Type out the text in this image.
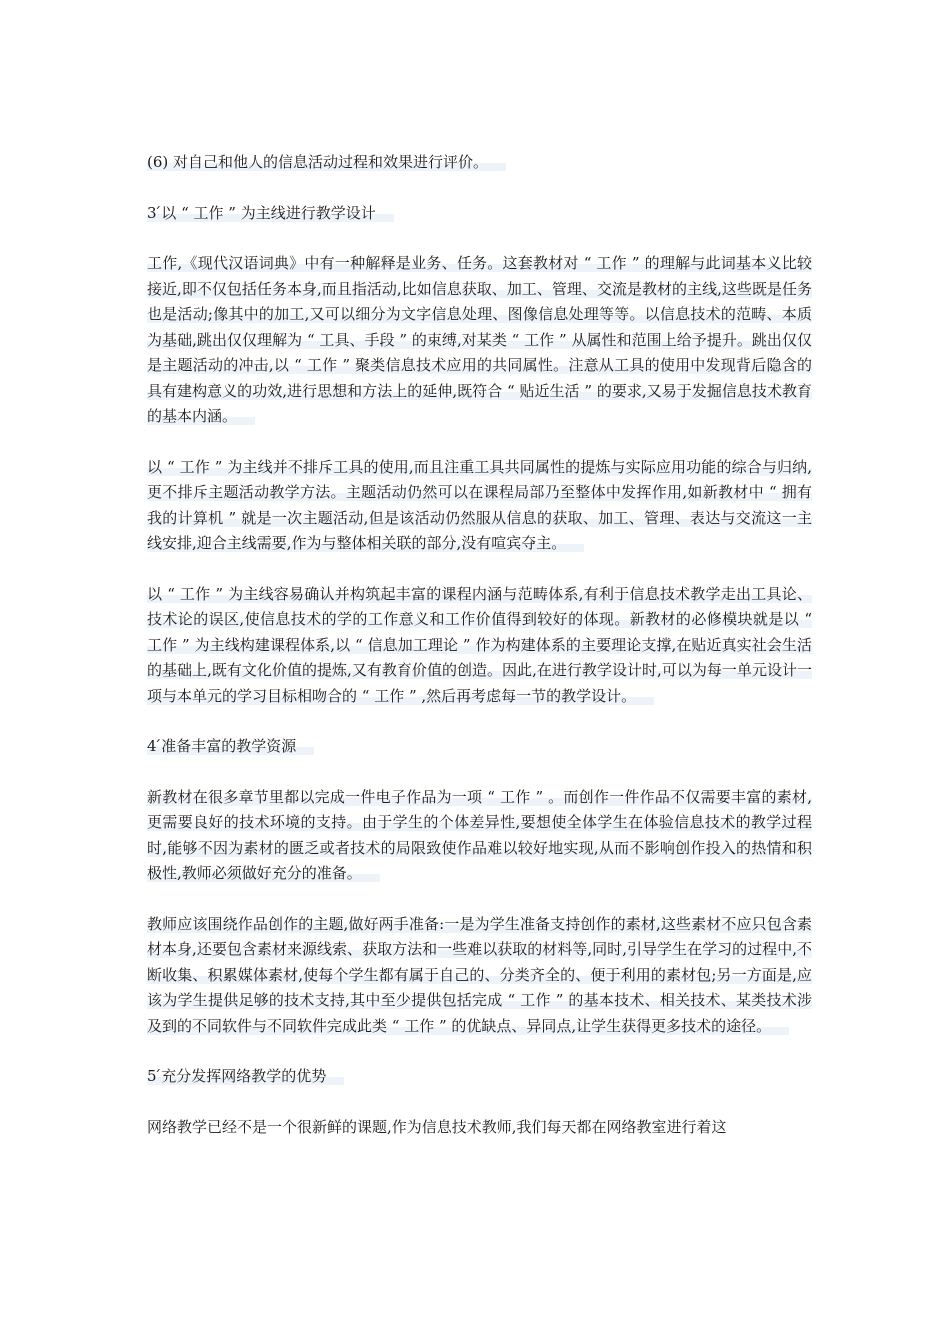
(6) 对自己和他人的信息活动过程和效果进行评价。

3 ́以 “ 工作 ” 为主线进行教学设计

工作,《现代汉语词典》中有一种解释是业务、任务。这套教材对 “ 工作 ” 的理解与此词基本义比较接近,即不仅包括任务本身,而且指活动,比如信息获取、加工、管理、交流是教材的主线,这些既是任务也是活动;像其中的加工,又可以细分为文字信息处理、图像信息处理等等。以信息技术的范畴、本质为基础,跳出仅仅理解为 “ 工具、手段 ” 的束缚,对某类 “ 工作 ” 从属性和范围上给予提升。跳出仅仅是主题活动的冲击,以 “ 工作 ” 聚类信息技术应用的共同属性。注意从工具的使用中发现背后隐含的具有建构意义的功效,进行思想和方法上的延伸,既符合 “ 贴近生活 ” 的要求,又易于发掘信息技术教育的基本内涵。

以 “ 工作 ” 为主线并不排斥工具的使用,而且注重工具共同属性的提炼与实际应用功能的综合与归纳,更不排斥主题活动教学方法。主题活动仍然可以在课程局部乃至整体中发挥作用,如新教材中 “ 拥有我的计算机 ” 就是一次主题活动,但是该活动仍然服从信息的获取、加工、管理、表达与交流这一主线安排,迎合主线需要,作为与整体相关联的部分,没有喧宾夺主。

以 “ 工作 ” 为主线容易确认并构筑起丰富的课程内涵与范畴体系,有利于信息技术教学走出工具论、技术论的误区,使信息技术的学的工作意义和工作价值得到较好的体现。新教材的必修模块就是以 “ 工作 ” 为主线构建课程体系,以 “ 信息加工理论 ” 作为构建体系的主要理论支撑,在贴近真实社会生活的基础上,既有文化价值的提炼,又有教育价值的创造。因此,在进行教学设计时,可以为每一单元设计一项与本单元的学习目标相吻合的 “ 工作 ” ,然后再考虑每一节的教学设计。

4 ́准备丰富的教学资源

新教材在很多章节里都以完成一件电子作品为一项 “ 工作 ” 。而创作一件作品不仅需要丰富的素材,更需要良好的技术环境的支持。由于学生的个体差异性,要想使全体学生在体验信息技术的教学过程时,能够不因为素材的匮乏或者技术的局限致使作品难以较好地实现,从而不影响创作投入的热情和积极性,教师必须做好充分的准备。

教师应该围绕作品创作的主题,做好两手准备:一是为学生准备支持创作的素材,这些素材不应只包含素材本身,还要包含素材来源线索、获取方法和一些难以获取的材料等,同时,引导学生在学习的过程中,不断收集、积累媒体素材,使每个学生都有属于自己的、分类齐全的、便于利用的素材包;另一方面是,应该为学生提供足够的技术支持,其中至少提供包括完成 “ 工作 ” 的基本技术、相关技术、某类技术涉及到的不同软件与不同软件完成此类 “ 工作 ” 的优缺点、异同点,让学生获得更多技术的途径。

5 ́充分发挥网络教学的优势

网络教学已经不是一个很新鲜的课题,作为信息技术教师,我们每天都在网络教室进行着这
